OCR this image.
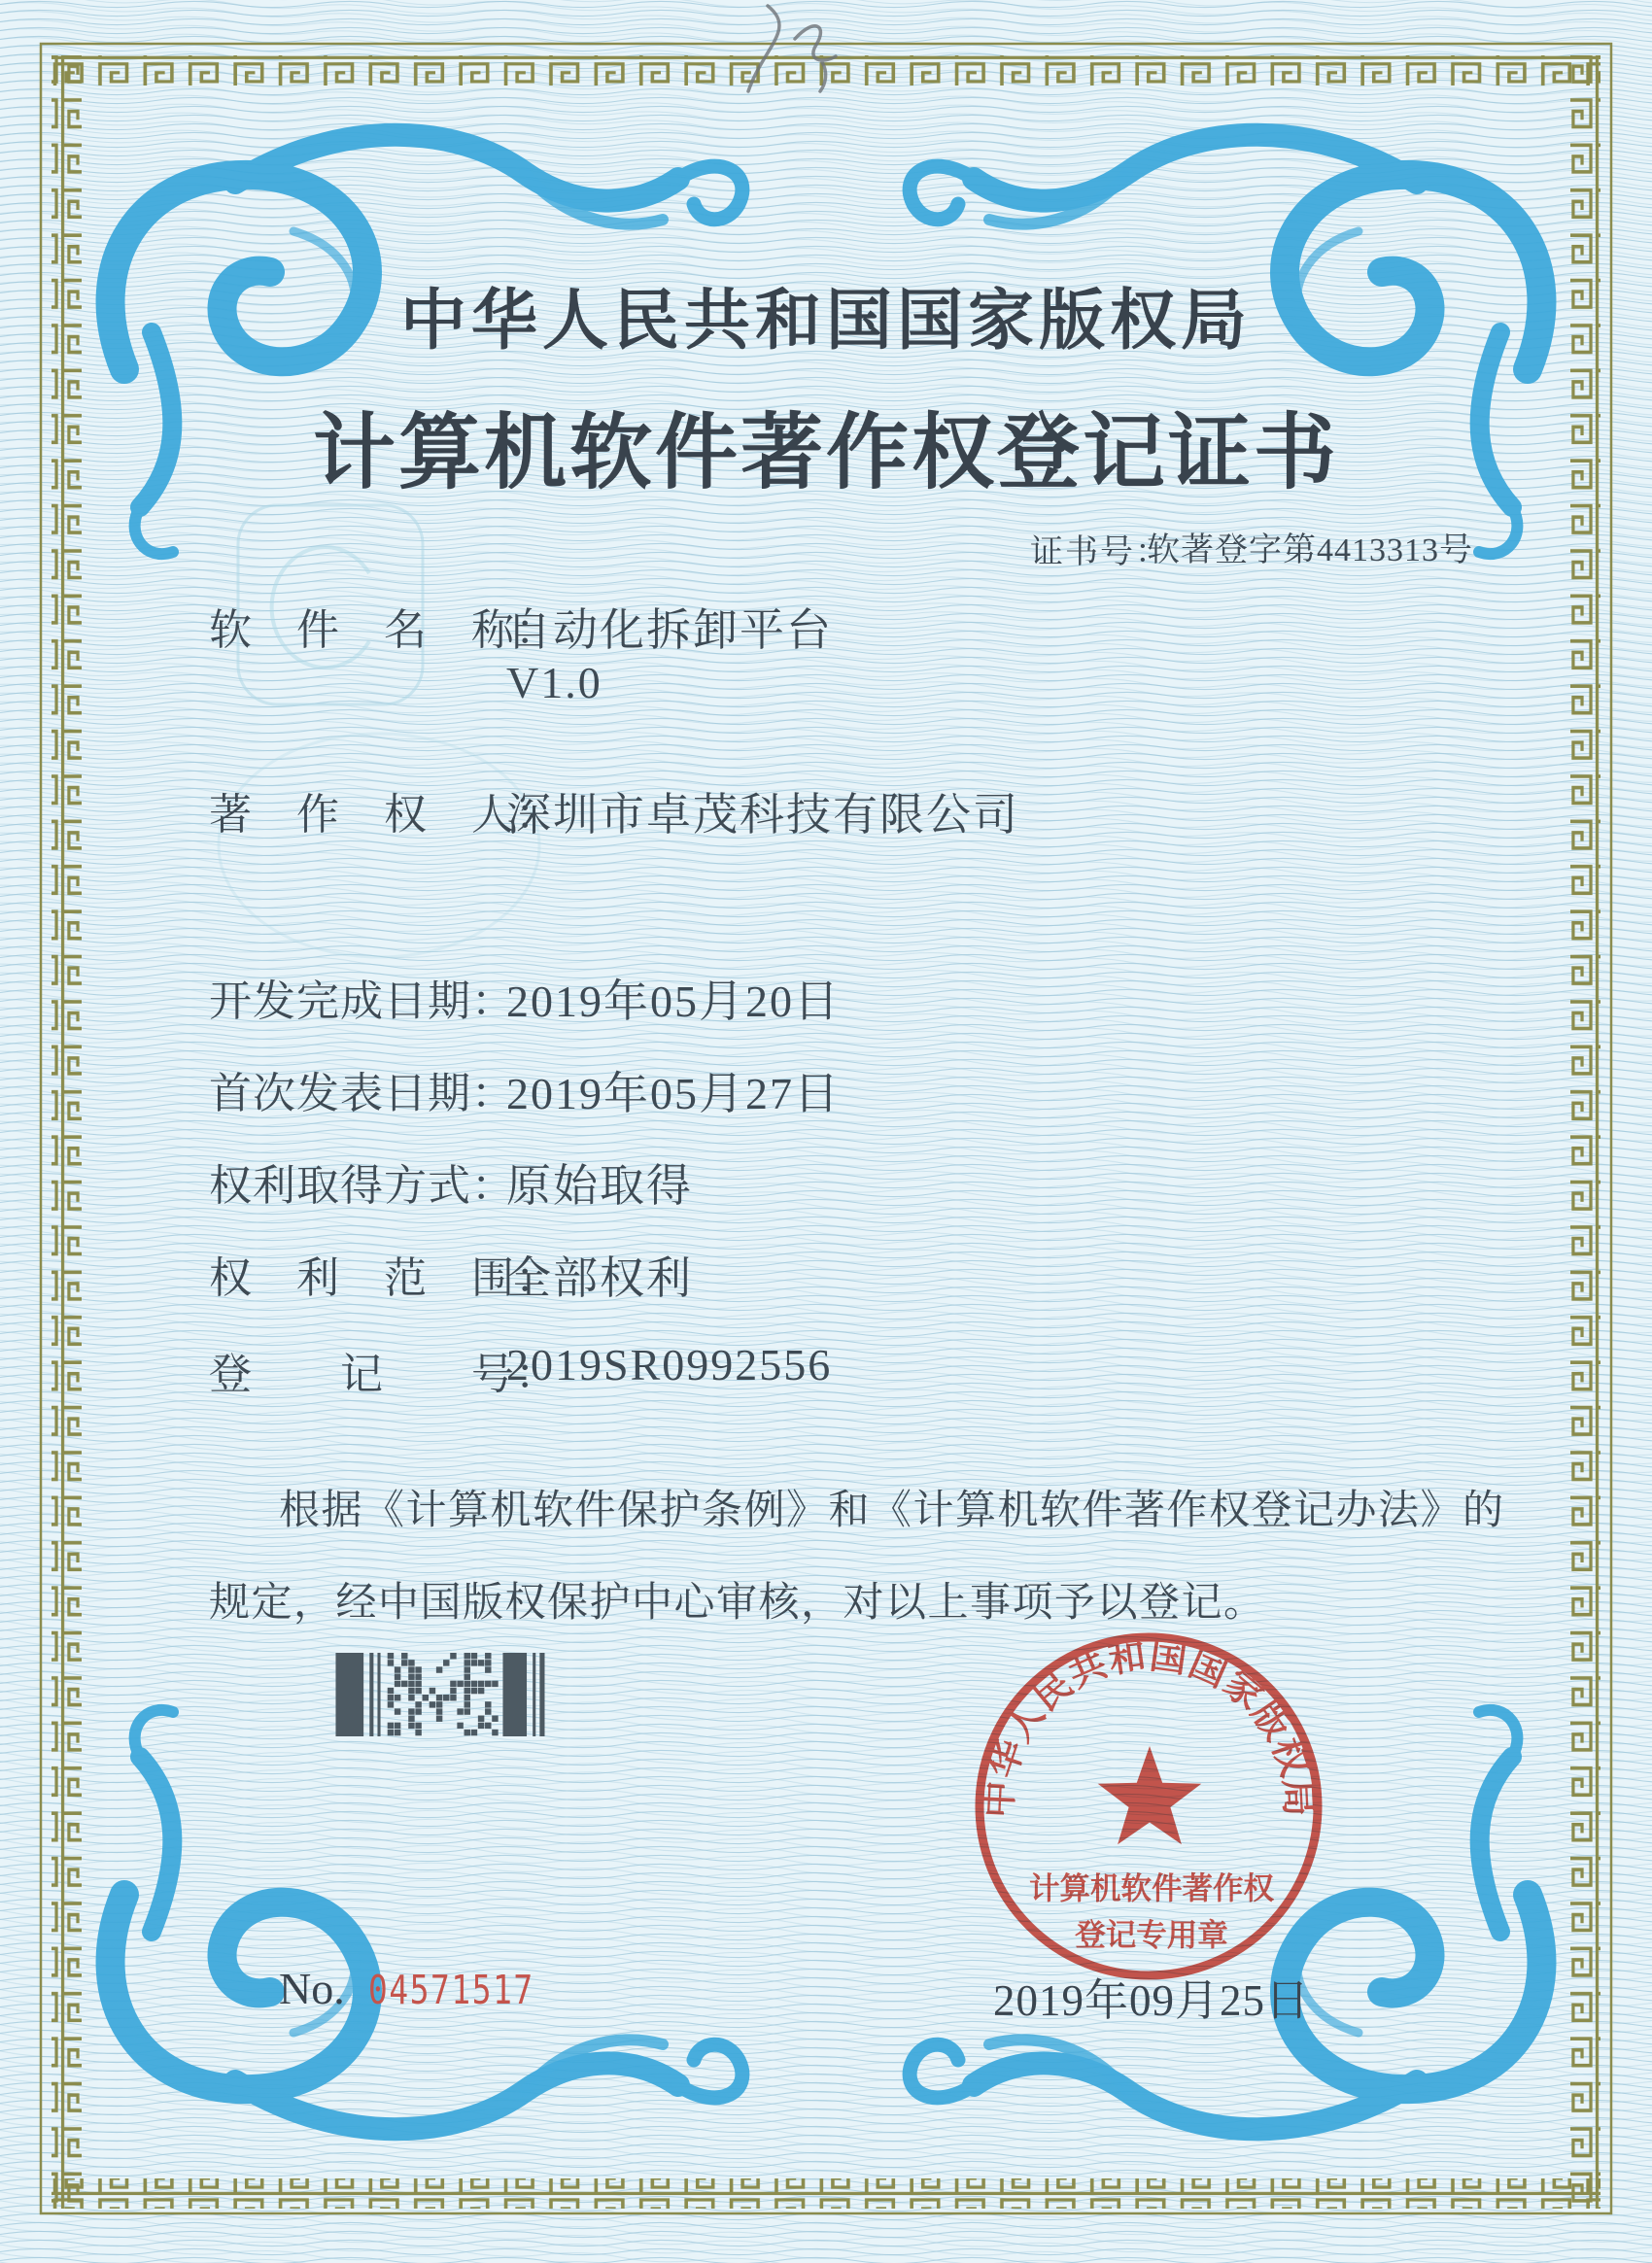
中华人民共和国国家版权局
计算机软件著作权登记证书
证书号：
软著登字第4413313号
软　件　名　称：
自动化拆卸平台
V1.0
著　作　权　人：
深圳市卓茂科技有限公司
开发完成日期：
2019年05月20日
首次发表日期：
2019年05月27日
权利取得方式：
原始取得
权　利　范　围：
全部权利
登　　记　　号：
2019SR0992556
根据《计算机软件保护条例》和《计算机软件著作权登记办法》的
规定，经中国版权保护中心审核，对以上事项予以登记。
中华人民共和国国家版权局
计算机软件著作权
登记专用章
2019年09月25日
No. 04571517
